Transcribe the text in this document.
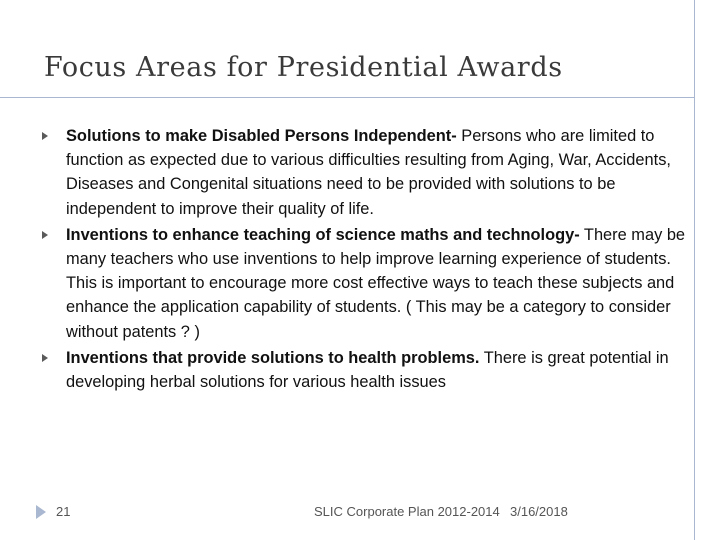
Focus Areas for Presidential Awards
Solutions to make Disabled Persons Independent- Persons who are limited to function as expected due to various difficulties resulting from Aging, War, Accidents, Diseases and Congenital situations need to be provided with solutions to be independent to improve their quality of life.
Inventions to enhance teaching of science maths and technology- There may be many teachers who use inventions to help improve learning experience of students. This is important to encourage more cost effective ways to teach these subjects and enhance the application capability of students. ( This may be a category to consider without patents ? )
Inventions that provide solutions to health problems. There is great potential in developing herbal solutions for various health issues
21	SLIC Corporate Plan 2012-2014 3/16/2018
